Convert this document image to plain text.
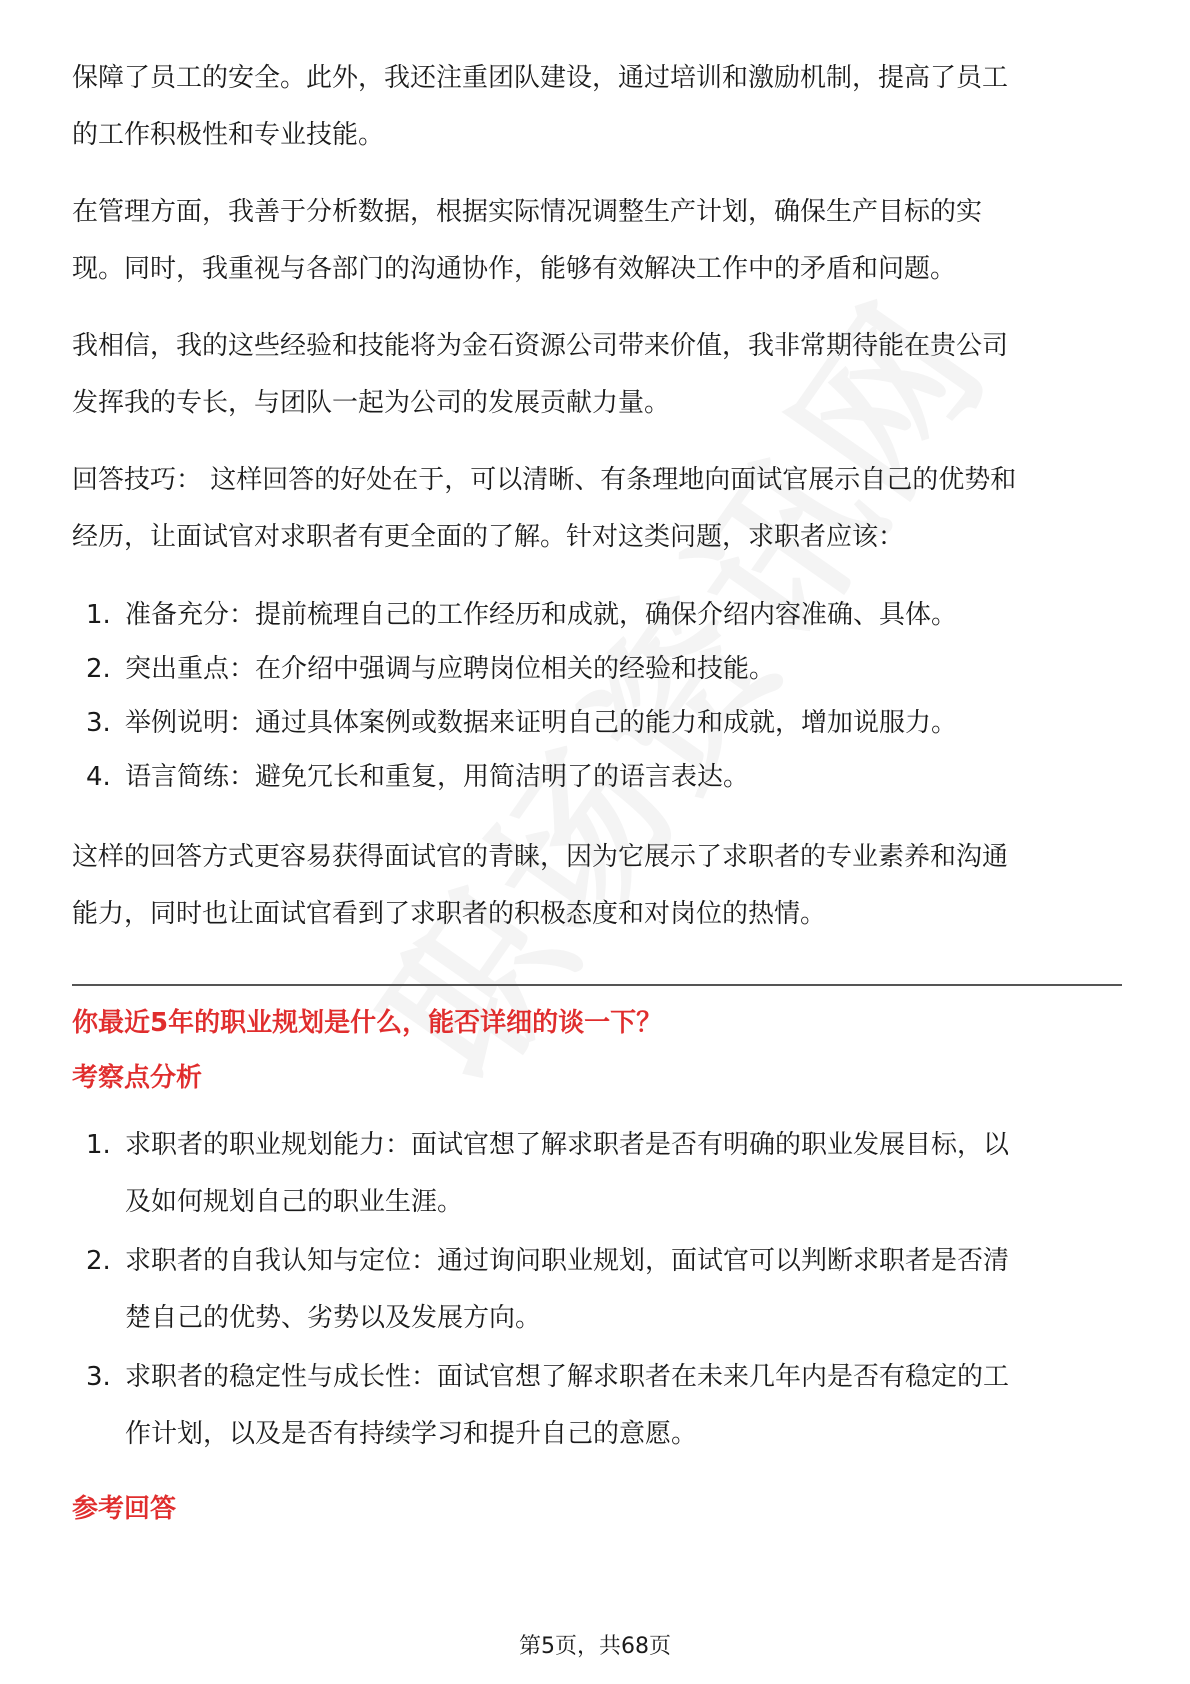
保障了员工的安全。此外，我还注重团队建设，通过培训和激励机制，提高了员工
的工作积极性和专业技能。
在管理方面，我善于分析数据，根据实际情况调整生产计划，确保生产目标的实
现。同时，我重视与各部门的沟通协作，能够有效解决工作中的矛盾和问题。
我相信，我的这些经验和技能将为金石资源公司带来价值，我非常期待能在贵公司
发挥我的专长，与团队一起为公司的发展贡献力量。
回答技巧： 这样回答的好处在于，可以清晰、有条理地向面试官展示自己的优势和
经历，让面试官对求职者有更全面的了解。针对这类问题，求职者应该：
1. 准备充分：提前梳理自己的工作经历和成就，确保介绍内容准确、具体。
2. 突出重点：在介绍中强调与应聘岗位相关的经验和技能。
3. 举例说明：通过具体案例或数据来证明自己的能力和成就，增加说服力。
4. 语言简练：避免冗长和重复，用简洁明了的语言表达。
这样的回答方式更容易获得面试官的青睐，因为它展示了求职者的专业素养和沟通
能力，同时也让面试官看到了求职者的积极态度和对岗位的热情。
你最近5年的职业规划是什么，能否详细的谈一下？
考察点分析
1. 求职者的职业规划能力：面试官想了解求职者是否有明确的职业发展目标，以
及如何规划自己的职业生涯。
2. 求职者的自我认知与定位：通过询问职业规划，面试官可以判断求职者是否清
楚自己的优势、劣势以及发展方向。
3. 求职者的稳定性与成长性：面试官想了解求职者在未来几年内是否有稳定的工
作计划，以及是否有持续学习和提升自己的意愿。
参考回答
第5页，共68页
